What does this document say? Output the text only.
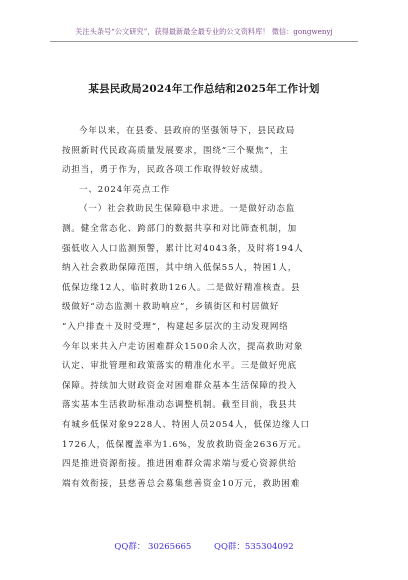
关注头条号“公文研究”，获得最新最全最专业的公文资料库！ 微信：gongwenyj
某县民政局2024年工作总结和2025年工作计划
今年以来，在县委、县政府的坚强领导下，县民政局
按照新时代民政高质量发展要求，围绕“三个聚焦”，主
动担当，勇于作为，民政各项工作取得较好成绩。
一、2024年亮点工作
（一）社会救助民生保障稳中求进。一是做好动态监
测。健全常态化、跨部门的数据共享和对比筛查机制，加
强低收入人口监测预警，累计比对4043条，及时将194人
纳入社会救助保障范围，其中纳入低保55人，特困1人，
低保边缘12人，临时救助126人。二是做好精准核查。县
级做好“动态监测＋救助响应”，乡镇街区和村居做好
“入户排查＋及时受理”，构建起多层次的主动发现网络
今年以来共入户走访困难群众1500余人次，提高救助对象
认定、审批管理和政策落实的精准化水平。三是做好兜底
保障。持续加大财政资金对困难群众基本生活保障的投入
落实基本生活救助标准动态调整机制。截至目前，我县共
有城乡低保对象9228人、特困人员2054人，低保边缘人口
1726人，低保覆盖率为1.6%，发放救助资金2636万元。
四是推进资源衔接。推进困难群众需求端与爱心资源供给
端有效衔接，县慈善总会募集慈善资金10万元，救助困难
QQ群： 30265665	QQ群：535304092
